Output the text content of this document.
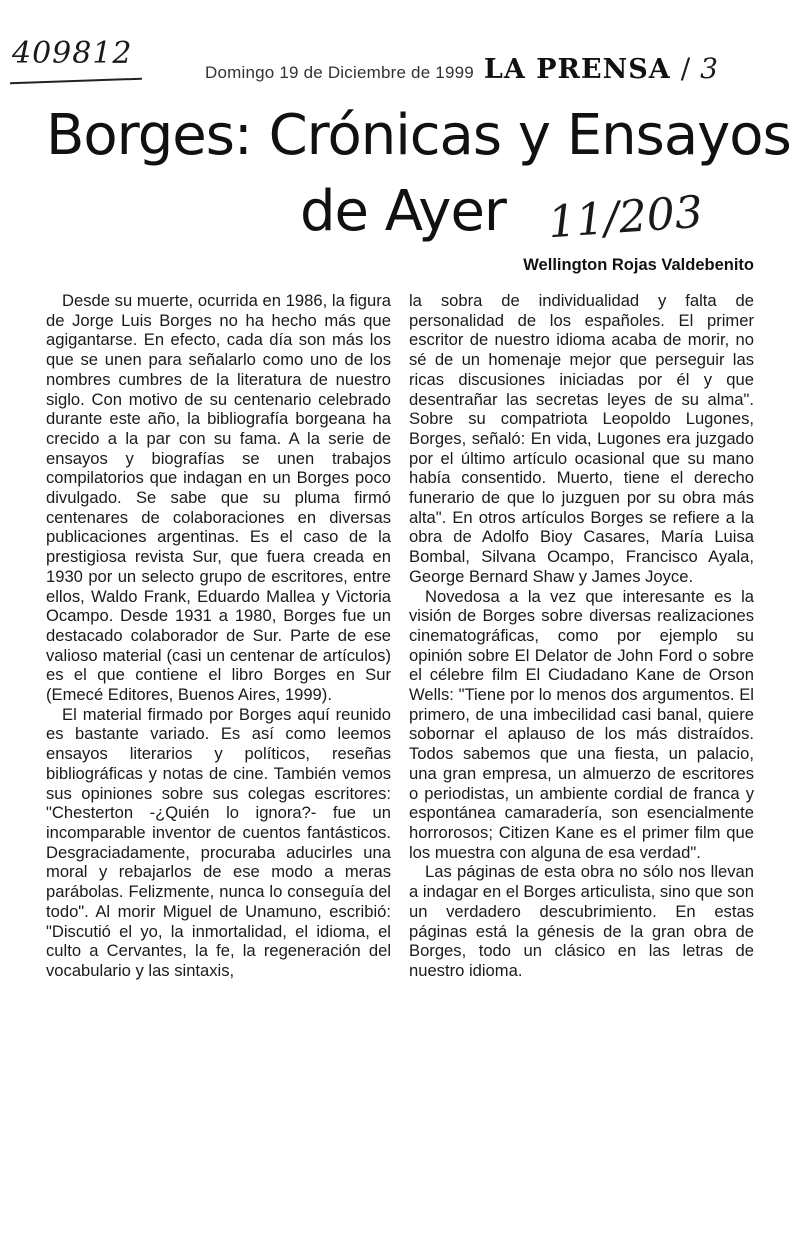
409812
Domingo 19 de Diciembre de 1999 LA PRENSA / 3
Borges: Crónicas y Ensayos
de Ayer 11/203
Wellington Rojas Valdebenito

Desde su muerte, ocurrida en 1986, la figura de Jorge Luis Borges no ha hecho más que agigantarse. En efecto, cada día son más los que se unen para señalarlo como uno de los nombres cumbres de la literatura de nuestro siglo. Con motivo de su centenario celebrado durante este año, la bibliografía borgeana ha crecido a la par con su fama. A la serie de ensayos y biografías se unen trabajos compilatorios que indagan en un Borges poco divulgado. Se sabe que su pluma firmó centenares de colaboraciones en diversas publicaciones argentinas. Es el caso de la prestigiosa revista Sur, que fuera creada en 1930 por un selecto grupo de escritores, entre ellos, Waldo Frank, Eduardo Mallea y Victoria Ocampo. Desde 1931 a 1980, Borges fue un destacado colaborador de Sur. Parte de ese valioso material (casi un centenar de artículos) es el que contiene el libro Borges en Sur (Emecé Editores, Buenos Aires, 1999).

El material firmado por Borges aquí reunido es bastante variado. Es así como leemos ensayos literarios y políticos, reseñas bibliográficas y notas de cine. También vemos sus opiniones sobre sus colegas escritores: "Chesterton -¿Quién lo ignora?- fue un incomparable inventor de cuentos fantásticos. Desgraciadamente, procuraba aducirles una moral y rebajarlos de ese modo a meras parábolas. Felizmente, nunca lo conseguía del todo". Al morir Miguel de Unamuno, escribió: "Discutió el yo, la inmortalidad, el idioma, el culto a Cervantes, la fe, la regeneración del vocabulario y las sintaxis,

la sobra de individualidad y falta de personalidad de los españoles. El primer escritor de nuestro idioma acaba de morir, no sé de un homenaje mejor que perseguir las ricas discusiones iniciadas por él y que desentrañar las secretas leyes de su alma". Sobre su compatriota Leopoldo Lugones, Borges, señaló: En vida, Lugones era juzgado por el último artículo ocasional que su mano había consentido. Muerto, tiene el derecho funerario de que lo juzguen por su obra más alta". En otros artículos Borges se refiere a la obra de Adolfo Bioy Casares, María Luisa Bombal, Silvana Ocampo, Francisco Ayala, George Bernard Shaw y James Joyce.

Novedosa a la vez que interesante es la visión de Borges sobre diversas realizaciones cinematográficas, como por ejemplo su opinión sobre El Delator de John Ford o sobre el célebre film El Ciudadano Kane de Orson Wells: "Tiene por lo menos dos argumentos. El primero, de una imbecilidad casi banal, quiere sobornar el aplauso de los más distraídos. Todos sabemos que una fiesta, un palacio, una gran empresa, un almuerzo de escritores o periodistas, un ambiente cordial de franca y espontánea camaradería, son esencialmente horrorosos; Citizen Kane es el primer film que los muestra con alguna de esa verdad".

Las páginas de esta obra no sólo nos llevan a indagar en el Borges articulista, sino que son un verdadero descubrimiento. En estas páginas está la génesis de la gran obra de Borges, todo un clásico en las letras de nuestro idioma.
